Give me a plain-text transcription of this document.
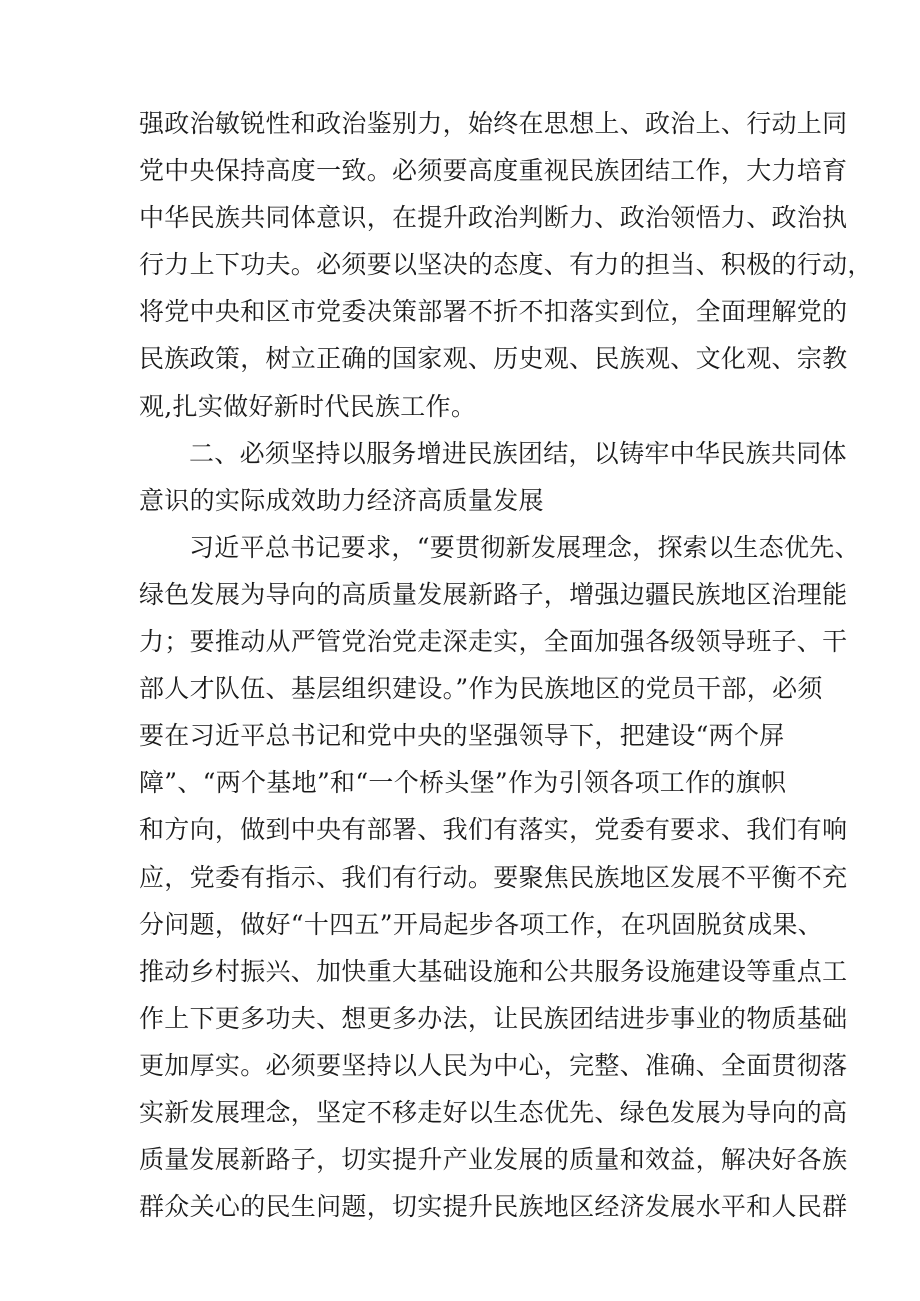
强政治敏锐性和政治鉴别力，始终在思想上、政治上、行动上同
党中央保持高度一致。必须要高度重视民族团结工作，大力培育
中华民族共同体意识，在提升政治判断力、政治领悟力、政治执
行力上下功夫。必须要以坚决的态度、有力的担当、积极的行动，
将党中央和区市党委决策部署不折不扣落实到位，全面理解党的
民族政策，树立正确的国家观、历史观、民族观、文化观、宗教
观,扎实做好新时代民族工作。
二、必须坚持以服务增进民族团结，以铸牢中华民族共同体
意识的实际成效助力经济高质量发展
习近平总书记要求，“要贯彻新发展理念，探索以生态优先、
绿色发展为导向的高质量发展新路子，增强边疆民族地区治理能
力；要推动从严管党治党走深走实，全面加强各级领导班子、干
部人才队伍、基层组织建设。”作为民族地区的党员干部，必须
要在习近平总书记和党中央的坚强领导下，把建设“两个屏
障”、“两个基地”和“一个桥头堡”作为引领各项工作的旗帜
和方向，做到中央有部署、我们有落实，党委有要求、我们有响
应，党委有指示、我们有行动。要聚焦民族地区发展不平衡不充
分问题，做好“十四五”开局起步各项工作，在巩固脱贫成果、
推动乡村振兴、加快重大基础设施和公共服务设施建设等重点工
作上下更多功夫、想更多办法，让民族团结进步事业的物质基础
更加厚实。必须要坚持以人民为中心，完整、准确、全面贯彻落
实新发展理念，坚定不移走好以生态优先、绿色发展为导向的高
质量发展新路子，切实提升产业发展的质量和效益，解决好各族
群众关心的民生问题，切实提升民族地区经济发展水平和人民群
